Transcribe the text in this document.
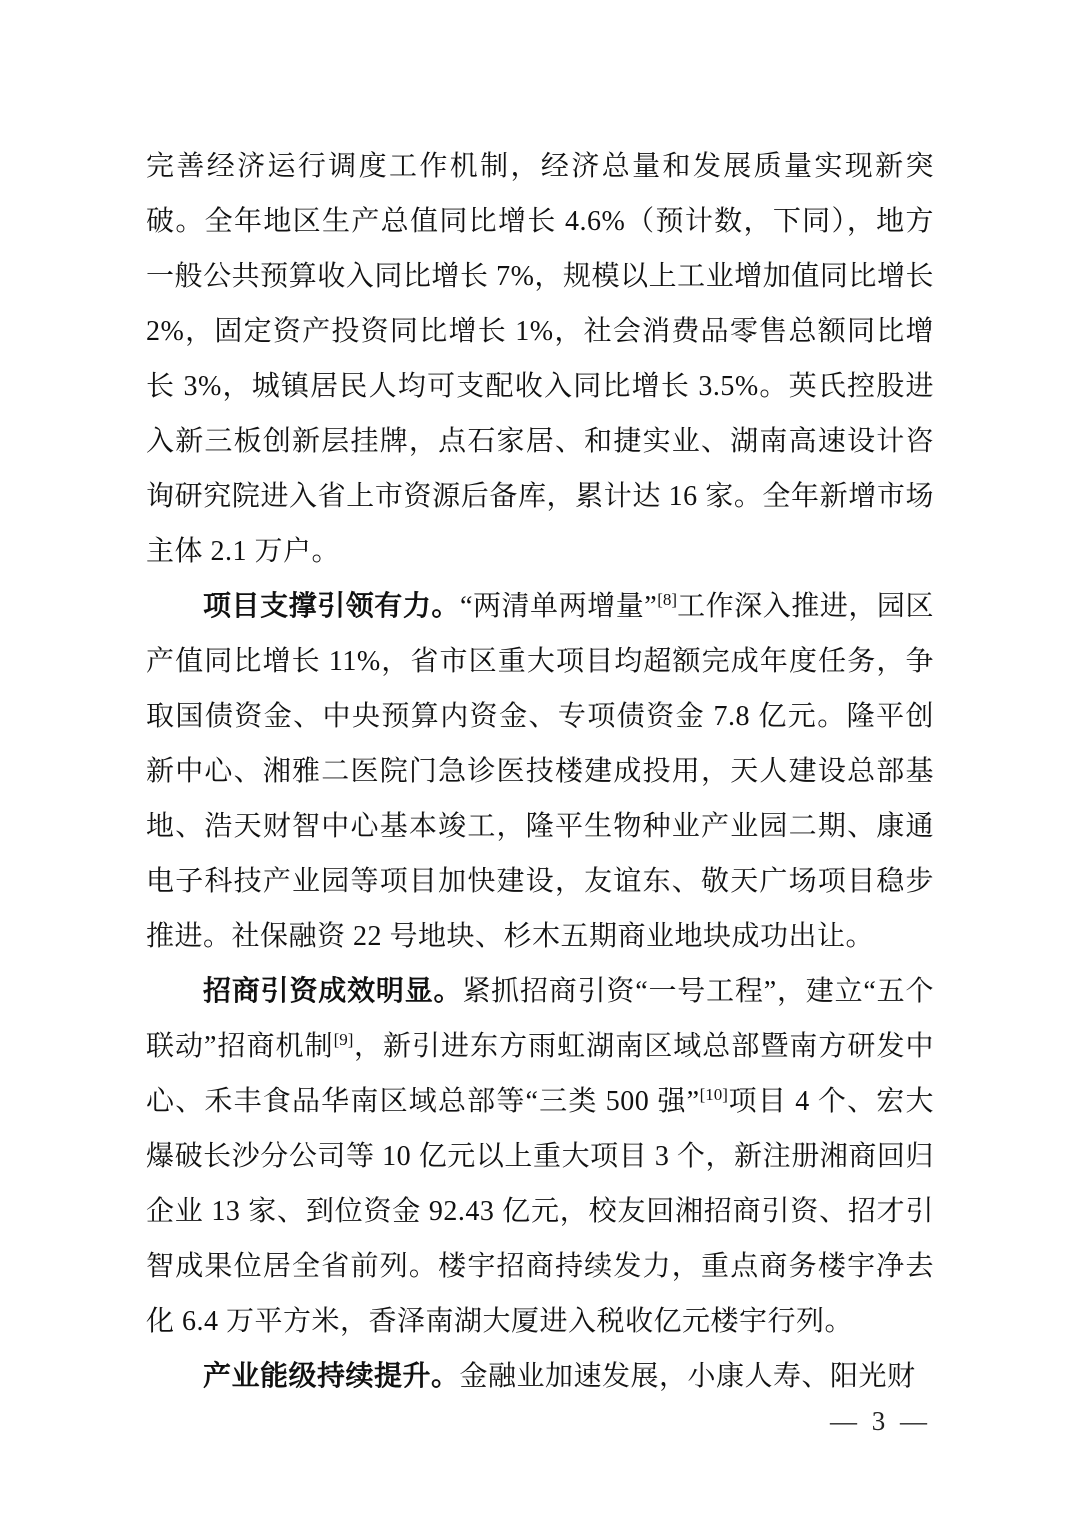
完善经济运行调度工作机制，经济总量和发展质量实现新突破。全年地区生产总值同比增长 4.6%（预计数，下同），地方一般公共预算收入同比增长 7%，规模以上工业增加值同比增长 2%，固定资产投资同比增长 1%，社会消费品零售总额同比增长 3%，城镇居民人均可支配收入同比增长 3.5%。英氏控股进入新三板创新层挂牌，点石家居、和捷实业、湖南高速设计咨询研究院进入省上市资源后备库，累计达 16 家。全年新增市场主体 2.1 万户。

项目支撑引领有力。“两清单两增量”[8]工作深入推进，园区产值同比增长 11%，省市区重大项目均超额完成年度任务，争取国债资金、中央预算内资金、专项债资金 7.8 亿元。隆平创新中心、湘雅二医院门急诊医技楼建成投用，天人建设总部基地、浩天财智中心基本竣工，隆平生物种业产业园二期、康通电子科技产业园等项目加快建设，友谊东、敬天广场项目稳步推进。社保融资 22 号地块、杉木五期商业地块成功出让。

招商引资成效明显。紧抓招商引资“一号工程”，建立“五个联动”招商机制[9]，新引进东方雨虹湖南区域总部暨南方研发中心、禾丰食品华南区域总部等“三类 500 强”[10]项目 4 个、宏大爆破长沙分公司等 10 亿元以上重大项目 3 个，新注册湘商回归企业 13 家、到位资金 92.43 亿元，校友回湘招商引资、招才引智成果位居全省前列。楼宇招商持续发力，重点商务楼宇净去化 6.4 万平方米，香泽南湖大厦进入税收亿元楼宇行列。

产业能级持续提升。金融业加速发展，小康人寿、阳光财

— 3 —
